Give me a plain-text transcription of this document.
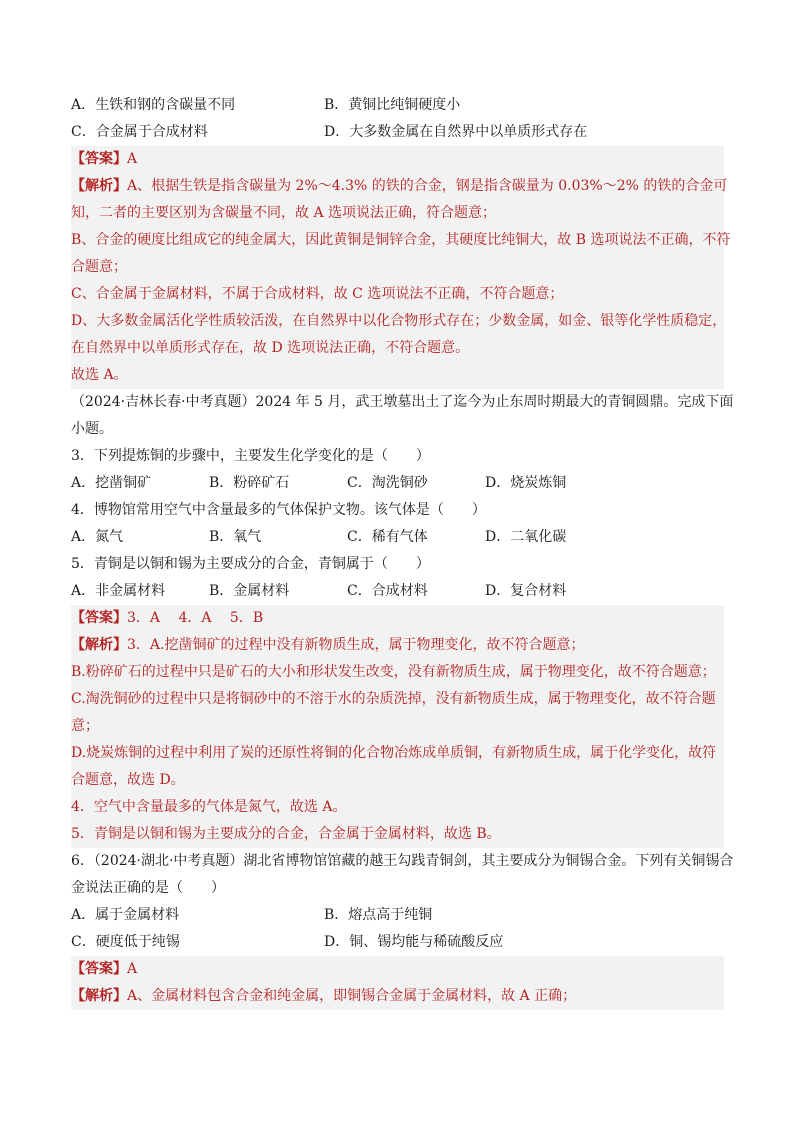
A．生铁和钢的含碳量不同	B．黄铜比纯铜硬度小
C．合金属于合成材料	D．大多数金属在自然界中以单质形式存在
【答案】A
【解析】A、根据生铁是指含碳量为 2%～4.3% 的铁的合金，钢是指含碳量为 0.03%～2% 的铁的合金可
知，二者的主要区别为含碳量不同，故 A 选项说法正确，符合题意；
B、合金的硬度比组成它的纯金属大，因此黄铜是铜锌合金，其硬度比纯铜大，故 B 选项说法不正确，不符
合题意；
C、合金属于金属材料，不属于合成材料，故 C 选项说法不正确，不符合题意；
D、大多数金属活化学性质较活泼，在自然界中以化合物形式存在；少数金属，如金、银等化学性质稳定，
在自然界中以单质形式存在，故 D 选项说法正确，不符合题意。
故选 A。
（2024·吉林长春·中考真题）2024 年 5 月，武王墩墓出土了迄今为止东周时期最大的青铜圆鼎。完成下面
小题。
3．下列提炼铜的步骤中，主要发生化学变化的是（　　）
A．挖凿铜矿	B．粉碎矿石	C．淘洗铜砂	D．烧炭炼铜
4．博物馆常用空气中含量最多的气体保护文物。该气体是（　　）
A．氮气	B．氧气	C．稀有气体	D．二氧化碳
5．青铜是以铜和锡为主要成分的合金，青铜属于（　　）
A．非金属材料	B．金属材料	C．合成材料	D．复合材料
【答案】3．A　 4．A　 5．B
【解析】3．A.挖凿铜矿的过程中没有新物质生成，属于物理变化，故不符合题意；
B.粉碎矿石的过程中只是矿石的大小和形状发生改变，没有新物质生成，属于物理变化，故不符合题意；
C.淘洗铜砂的过程中只是将铜砂中的不溶于水的杂质洗掉，没有新物质生成，属于物理变化，故不符合题
意；
D.烧炭炼铜的过程中利用了炭的还原性将铜的化合物冶炼成单质铜，有新物质生成，属于化学变化，故符
合题意，故选 D。
4．空气中含量最多的气体是氮气，故选 A。
5．青铜是以铜和锡为主要成分的合金，合金属于金属材料，故选 B。
6．（2024·湖北·中考真题）湖北省博物馆馆藏的越王勾践青铜剑，其主要成分为铜锡合金。下列有关铜锡合
金说法正确的是（　　）
A．属于金属材料	B．熔点高于纯铜
C．硬度低于纯锡	D．铜、锡均能与稀硫酸反应
【答案】A
【解析】A、金属材料包含合金和纯金属，即铜锡合金属于金属材料，故 A 正确；
